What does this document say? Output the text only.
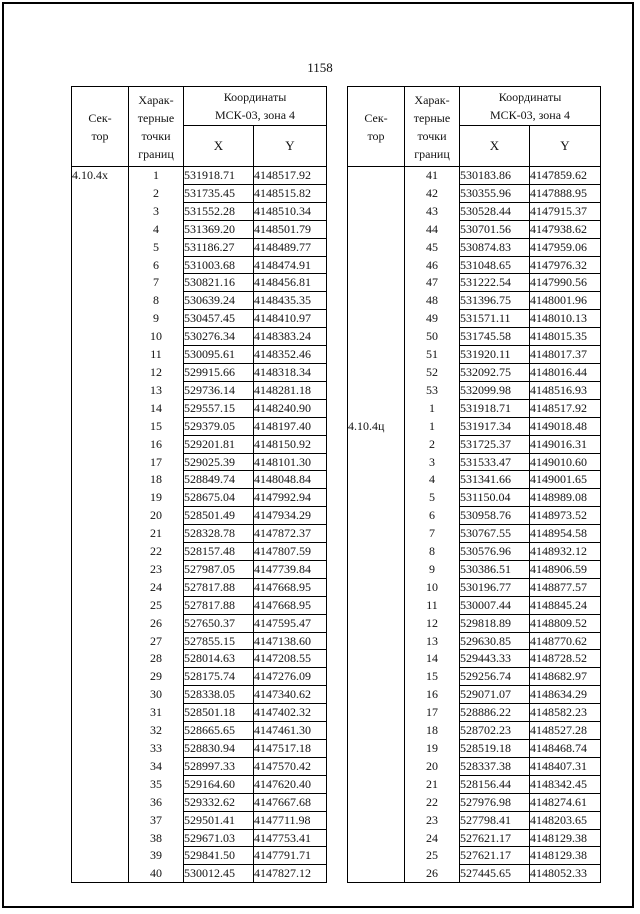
1158
Сек-
тор	Харак-
терные
точки
границ	Координаты
МСК-03, зона 4	
		X	Y
4.10.4х	1	531918.71	4148517.92
	2	531735.45	4148515.82
	3	531552.28	4148510.34
	4	531369.20	4148501.79
	5	531186.27	4148489.77
	6	531003.68	4148474.91
	7	530821.16	4148456.81
	8	530639.24	4148435.35
	9	530457.45	4148410.97
	10	530276.34	4148383.24
	11	530095.61	4148352.46
	12	529915.66	4148318.34
	13	529736.14	4148281.18
	14	529557.15	4148240.90
	15	529379.05	4148197.40
	16	529201.81	4148150.92
	17	529025.39	4148101.30
	18	528849.74	4148048.84
	19	528675.04	4147992.94
	20	528501.49	4147934.29
	21	528328.78	4147872.37
	22	528157.48	4147807.59
	23	527987.05	4147739.84
	24	527817.88	4147668.95
	25	527817.88	4147668.95
	26	527650.37	4147595.47
	27	527855.15	4147138.60
	28	528014.63	4147208.55
	29	528175.74	4147276.09
	30	528338.05	4147340.62
	31	528501.18	4147402.32
	32	528665.65	4147461.30
	33	528830.94	4147517.18
	34	528997.33	4147570.42
	35	529164.60	4147620.40
	36	529332.62	4147667.68
	37	529501.41	4147711.98
	38	529671.03	4147753.41
	39	529841.50	4147791.71
	40	530012.45	4147827.12
Сек-
тор	Харак-
терные
точки
границ	Координаты
МСК-03, зона 4	
		X	Y
	41	530183.86	4147859.62
	42	530355.96	4147888.95
	43	530528.44	4147915.37
	44	530701.56	4147938.62
	45	530874.83	4147959.06
	46	531048.65	4147976.32
	47	531222.54	4147990.56
	48	531396.75	4148001.96
	49	531571.11	4148010.13
	50	531745.58	4148015.35
	51	531920.11	4148017.37
	52	532092.75	4148016.44
	53	532099.98	4148516.93
	1	531918.71	4148517.92
4.10.4ц	1	531917.34	4149018.48
	2	531725.37	4149016.31
	3	531533.47	4149010.60
	4	531341.66	4149001.65
	5	531150.04	4148989.08
	6	530958.76	4148973.52
	7	530767.55	4148954.58
	8	530576.96	4148932.12
	9	530386.51	4148906.59
	10	530196.77	4148877.57
	11	530007.44	4148845.24
	12	529818.89	4148809.52
	13	529630.85	4148770.62
	14	529443.33	4148728.52
	15	529256.74	4148682.97
	16	529071.07	4148634.29
	17	528886.22	4148582.23
	18	528702.23	4148527.28
	19	528519.18	4148468.74
	20	528337.38	4148407.31
	21	528156.44	4148342.45
	22	527976.98	4148274.61
	23	527798.41	4148203.65
	24	527621.17	4148129.38
	25	527621.17	4148129.38
	26	527445.65	4148052.33
